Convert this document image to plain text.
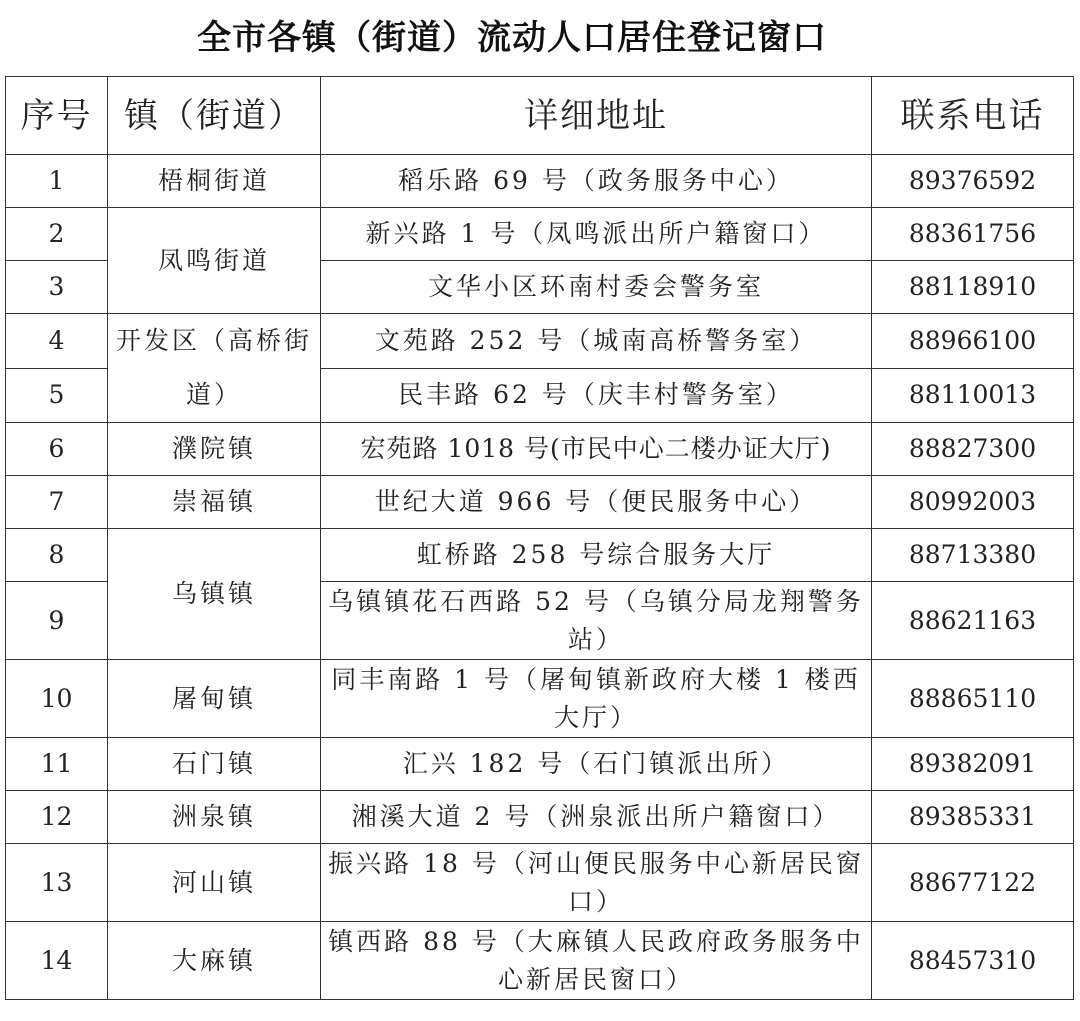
全市各镇（街道）流动人口居住登记窗口
序号	镇（街道）	详细地址	联系电话
1	梧桐街道	稻乐路 69 号（政务服务中心）	89376592
2	凤鸣街道	新兴路 1 号（凤鸣派出所户籍窗口）	88361756
3		文华小区环南村委会警务室	88118910
4	开发区（高桥街道）	文苑路 252 号（城南高桥警务室）	88966100
5		民丰路 62 号（庆丰村警务室）	88110013
6	濮院镇	宏苑路 1018 号(市民中心二楼办证大厅)	88827300
7	崇福镇	世纪大道 966 号（便民服务中心）	80992003
8	乌镇镇	虹桥路 258 号综合服务大厅	88713380
9		乌镇镇花石西路 52 号（乌镇分局龙翔警务站）	88621163
10	屠甸镇	同丰南路 1 号（屠甸镇新政府大楼 1 楼西大厅）	88865110
11	石门镇	汇兴 182 号（石门镇派出所）	89382091
12	洲泉镇	湘溪大道 2 号（洲泉派出所户籍窗口）	89385331
13	河山镇	振兴路 18 号（河山便民服务中心新居民窗口）	88677122
14	大麻镇	镇西路 88 号（大麻镇人民政府政务服务中心新居民窗口）	88457310
